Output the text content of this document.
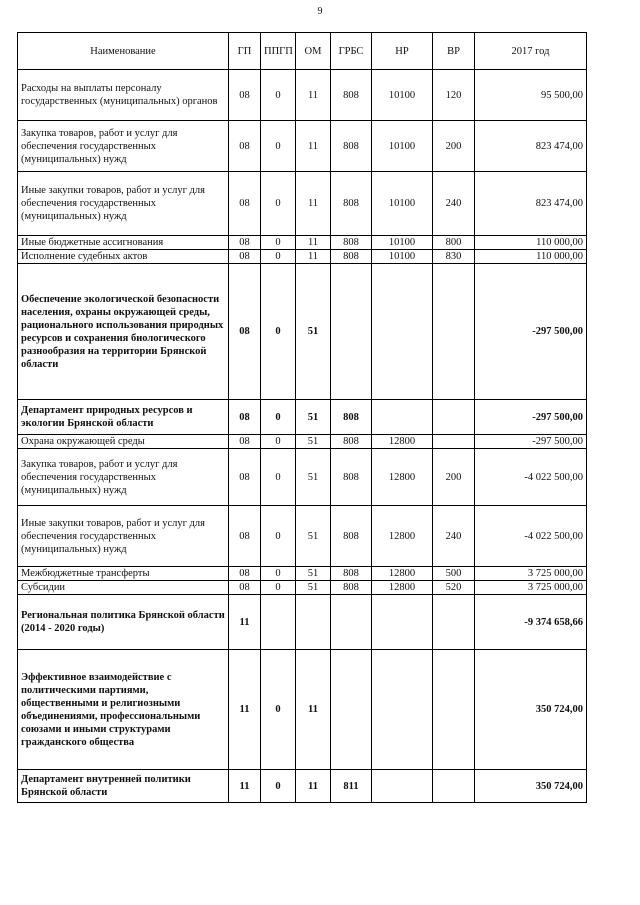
9
Наименование	ГП	ППГП	ОМ	ГРБС	НР	ВР	2017 год
Расходы на выплаты персоналу государственных (муниципальных) органов	08	0	11	808	10100	120	95 500,00
Закупка товаров, работ и услуг для обеспечения государственных (муниципальных) нужд	08	0	11	808	10100	200	823 474,00
Иные закупки товаров, работ и услуг для обеспечения государственных (муниципальных) нужд	08	0	11	808	10100	240	823 474,00
Иные бюджетные ассигнования	08	0	11	808	10100	800	110 000,00
Исполнение судебных актов	08	0	11	808	10100	830	110 000,00
Обеспечение экологической безопасности населения, охраны окружающей среды, рационального использования природных ресурсов и сохранения биологического разнообразия на территории Брянской области	08	0	51				-297 500,00
Департамент природных ресурсов и экологии Брянской области	08	0	51	808			-297 500,00
Охрана окружающей среды	08	0	51	808	12800		-297 500,00
Закупка товаров, работ и услуг для обеспечения государственных (муниципальных) нужд	08	0	51	808	12800	200	-4 022 500,00
Иные закупки товаров, работ и услуг для обеспечения государственных (муниципальных) нужд	08	0	51	808	12800	240	-4 022 500,00
Межбюджетные трансферты	08	0	51	808	12800	500	3 725 000,00
Субсидии	08	0	51	808	12800	520	3 725 000,00
Региональная политика Брянской области (2014 - 2020 годы)	11						-9 374 658,66
Эффективное взаимодействие с политическими партиями, общественными и религиозными объединениями, профессиональными союзами и иными структурами гражданского общества	11	0	11				350 724,00
Департамент внутренней политики Брянской области	11	0	11	811			350 724,00
